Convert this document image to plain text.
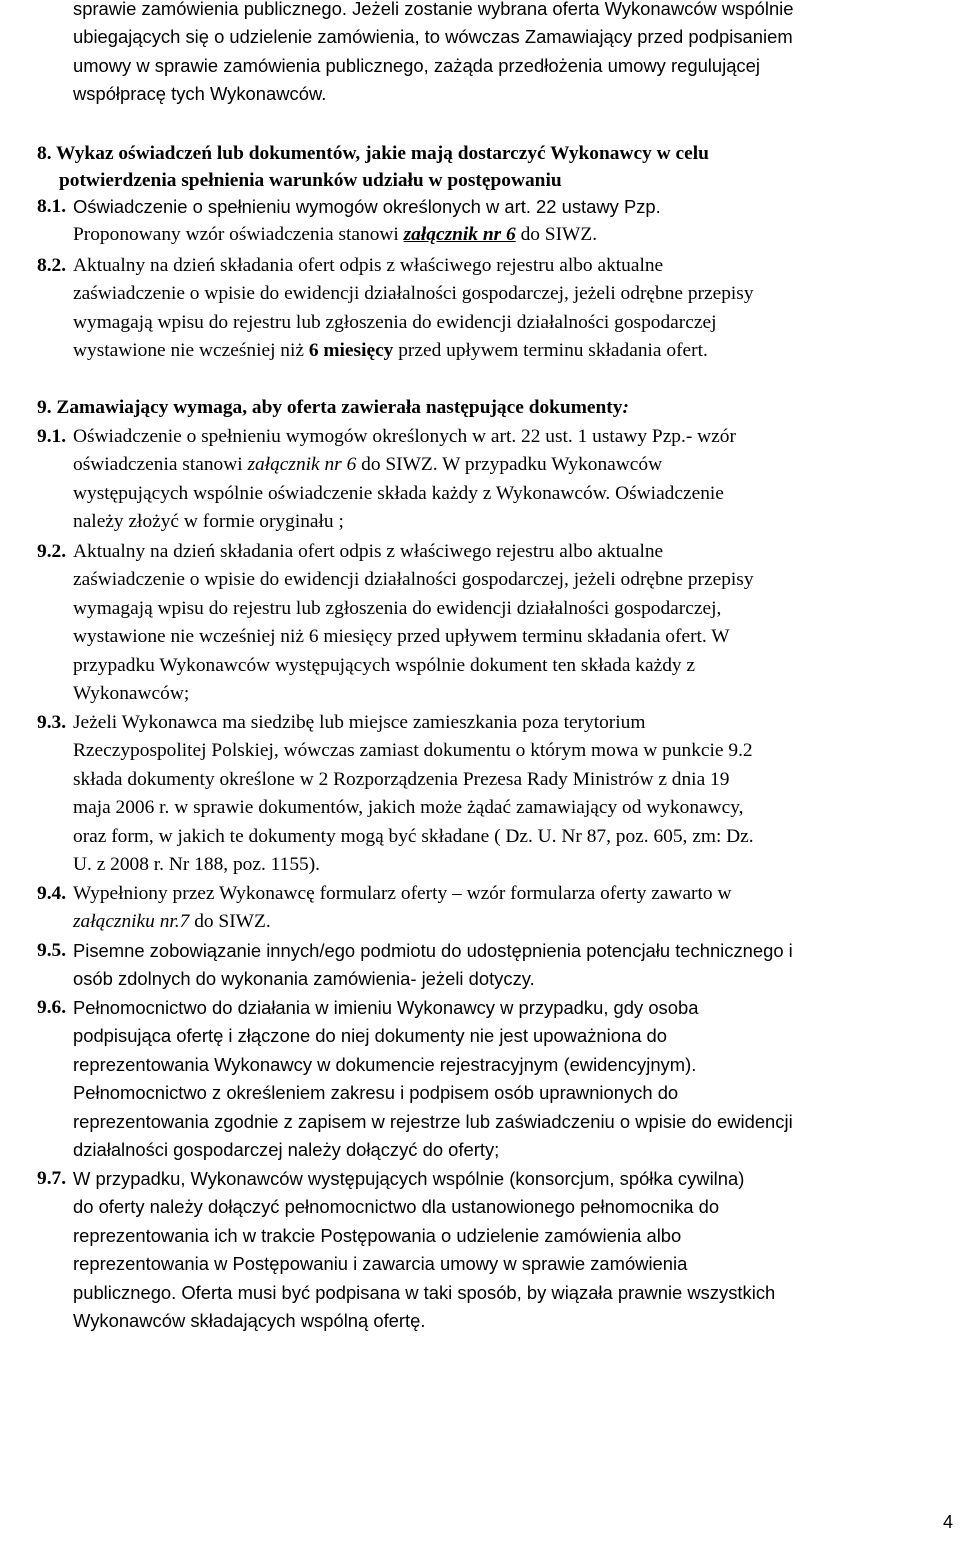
sprawie zamówienia publicznego. Jeżeli zostanie wybrana oferta Wykonawców wspólnie
ubiegających się o udzielenie zamówienia, to wówczas Zamawiający przed podpisaniem
umowy w sprawie zamówienia publicznego, zażąda przedłożenia umowy regulującej
współpracę tych Wykonawców.
8. Wykaz oświadczeń lub dokumentów, jakie mają dostarczyć Wykonawcy w celu
potwierdzenia spełnienia warunków udziału w postępowaniu
8.1. Oświadczenie o spełnieniu wymogów określonych w art. 22 ustawy Pzp.
Proponowany wzór oświadczenia stanowi załącznik nr 6 do SIWZ.
8.2. Aktualny na dzień składania ofert odpis z właściwego rejestru albo aktualne
zaświadczenie o wpisie do ewidencji działalności gospodarczej, jeżeli odrębne przepisy
wymagają wpisu do rejestru lub zgłoszenia do ewidencji działalności gospodarczej
wystawione nie wcześniej niż 6 miesięcy przed upływem terminu składania ofert.
9. Zamawiający wymaga, aby oferta zawierała następujące dokumenty:
9.1. Oświadczenie o spełnieniu wymogów określonych w art. 22 ust. 1 ustawy Pzp.- wzór
oświadczenia stanowi załącznik nr 6 do SIWZ. W przypadku Wykonawców
występujących wspólnie oświadczenie składa każdy z Wykonawców. Oświadczenie
należy złożyć w formie oryginału ;
9.2. Aktualny na dzień składania ofert odpis z właściwego rejestru albo aktualne
zaświadczenie o wpisie do ewidencji działalności gospodarczej, jeżeli odrębne przepisy
wymagają wpisu do rejestru lub zgłoszenia do ewidencji działalności gospodarczej,
wystawione nie wcześniej niż 6 miesięcy przed upływem terminu składania ofert. W
przypadku Wykonawców występujących wspólnie dokument ten składa każdy z
Wykonawców;
9.3. Jeżeli Wykonawca ma siedzibę lub miejsce zamieszkania poza terytorium
Rzeczypospolitej Polskiej, wówczas zamiast dokumentu o którym mowa w punkcie 9.2
składa dokumenty określone w 2 Rozporządzenia Prezesa Rady Ministrów z dnia 19
maja 2006 r. w sprawie dokumentów, jakich może żądać zamawiający od wykonawcy,
oraz form, w jakich te dokumenty mogą być składane ( Dz. U. Nr 87, poz. 605, zm: Dz.
U. z 2008 r. Nr 188, poz. 1155).
9.4. Wypełniony przez Wykonawcę formularz oferty – wzór formularza oferty zawarto w
załączniku nr.7 do SIWZ.
9.5. Pisemne zobowiązanie innych/ego podmiotu do udostępnienia potencjału technicznego i
osób zdolnych do wykonania zamówienia- jeżeli dotyczy.
9.6. Pełnomocnictwo do działania w imieniu Wykonawcy w przypadku, gdy osoba
podpisująca ofertę i złączone do niej dokumenty nie jest upoważniona do
reprezentowania Wykonawcy w dokumencie rejestracyjnym (ewidencyjnym).
Pełnomocnictwo z określeniem zakresu i podpisem osób uprawnionych do
reprezentowania zgodnie z zapisem w rejestrze lub zaświadczeniu o wpisie do ewidencji
działalności gospodarczej należy dołączyć do oferty;
9.7. W przypadku, Wykonawców występujących wspólnie (konsorcjum, spółka cywilna)
do oferty należy dołączyć pełnomocnictwo dla ustanowionego pełnomocnika do
reprezentowania ich w trakcie Postępowania o udzielenie zamówienia albo
reprezentowania w Postępowaniu i zawarcia umowy w sprawie zamówienia
publicznego. Oferta musi być podpisana w taki sposób, by wiązała prawnie wszystkich
Wykonawców składających wspólną ofertę.
4
